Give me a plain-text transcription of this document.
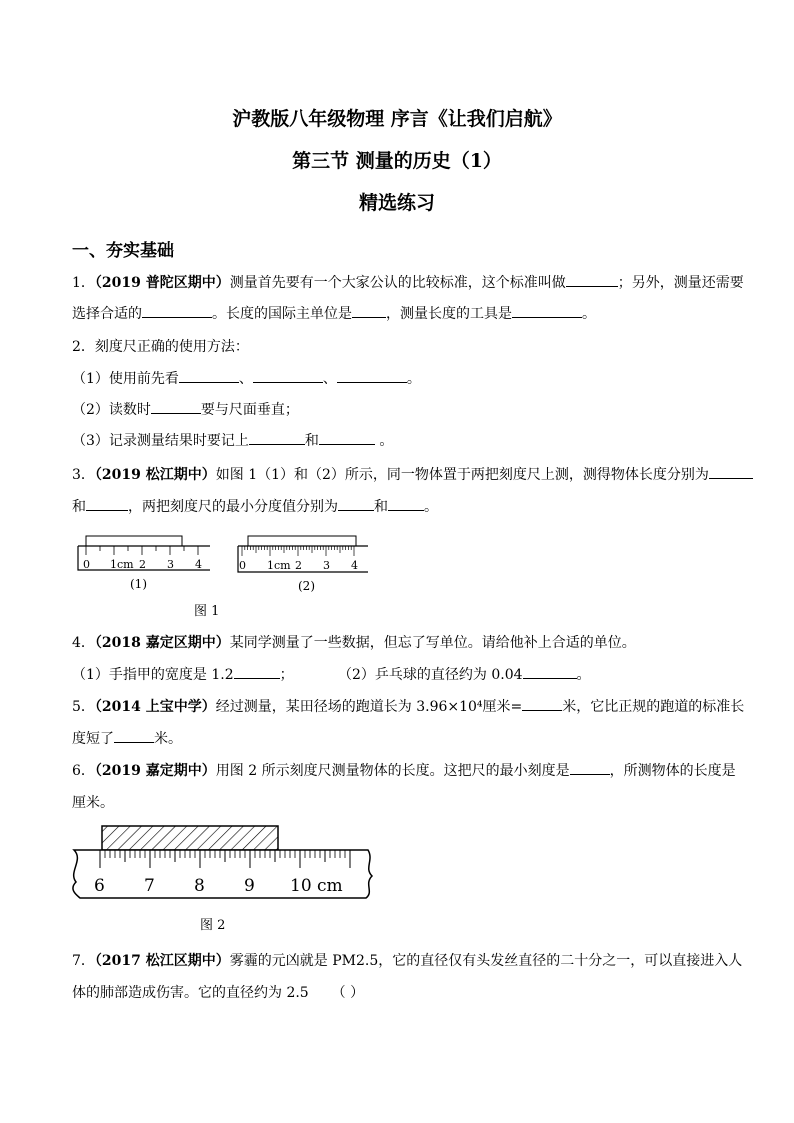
沪教版八年级物理 序言《让我们启航》
第三节 测量的历史（1）
精选练习
一、夯实基础
1．（2019 普陀区期中）测量首先要有一个大家公认的比较标准，这个标准叫做	；另外，测量还需要
选择合适的	。长度的国际主单位是 ，测量长度的工具是	。
2．刻度尺正确的使用方法：
（1）使用前先看	、	、	。
（2）读数时	要与尺面垂直；
（3）记录测量结果时要记上	和	。
3．（2019 松江期中）如图 1（1）和（2）所示，同一物体置于两把刻度尺上测，测得物体长度分别为
和	，两把刻度尺的最小分度值分别为	和	。
0 1cm 2 3 4
(1)
0 1cm 2 3 4
(2)
图 1
4．（2018 嘉定区期中）某同学测量了一些数据，但忘了写单位。请给他补上合适的单位。
（1）手指甲的宽度是 1.2	；	（2）乒乓球的直径约为 0.04	。
5．（2014 上宝中学）经过测量，某田径场的跑道长为 3.96×10⁴厘米=	米，它比正规的跑道的标准长
度短了	米。
6．（2019 嘉定期中）用图 2 所示刻度尺测量物体的长度。这把尺的最小刻度是	，所测物体的长度是
厘米。
6 7 8 9 10 cm
图 2
7．（2017 松江区期中）雾霾的元凶就是 PM2.5，它的直径仅有头发丝直径的二十分之一，可以直接进入人
体的肺部造成伤害。它的直径约为 2.5 （ ）
